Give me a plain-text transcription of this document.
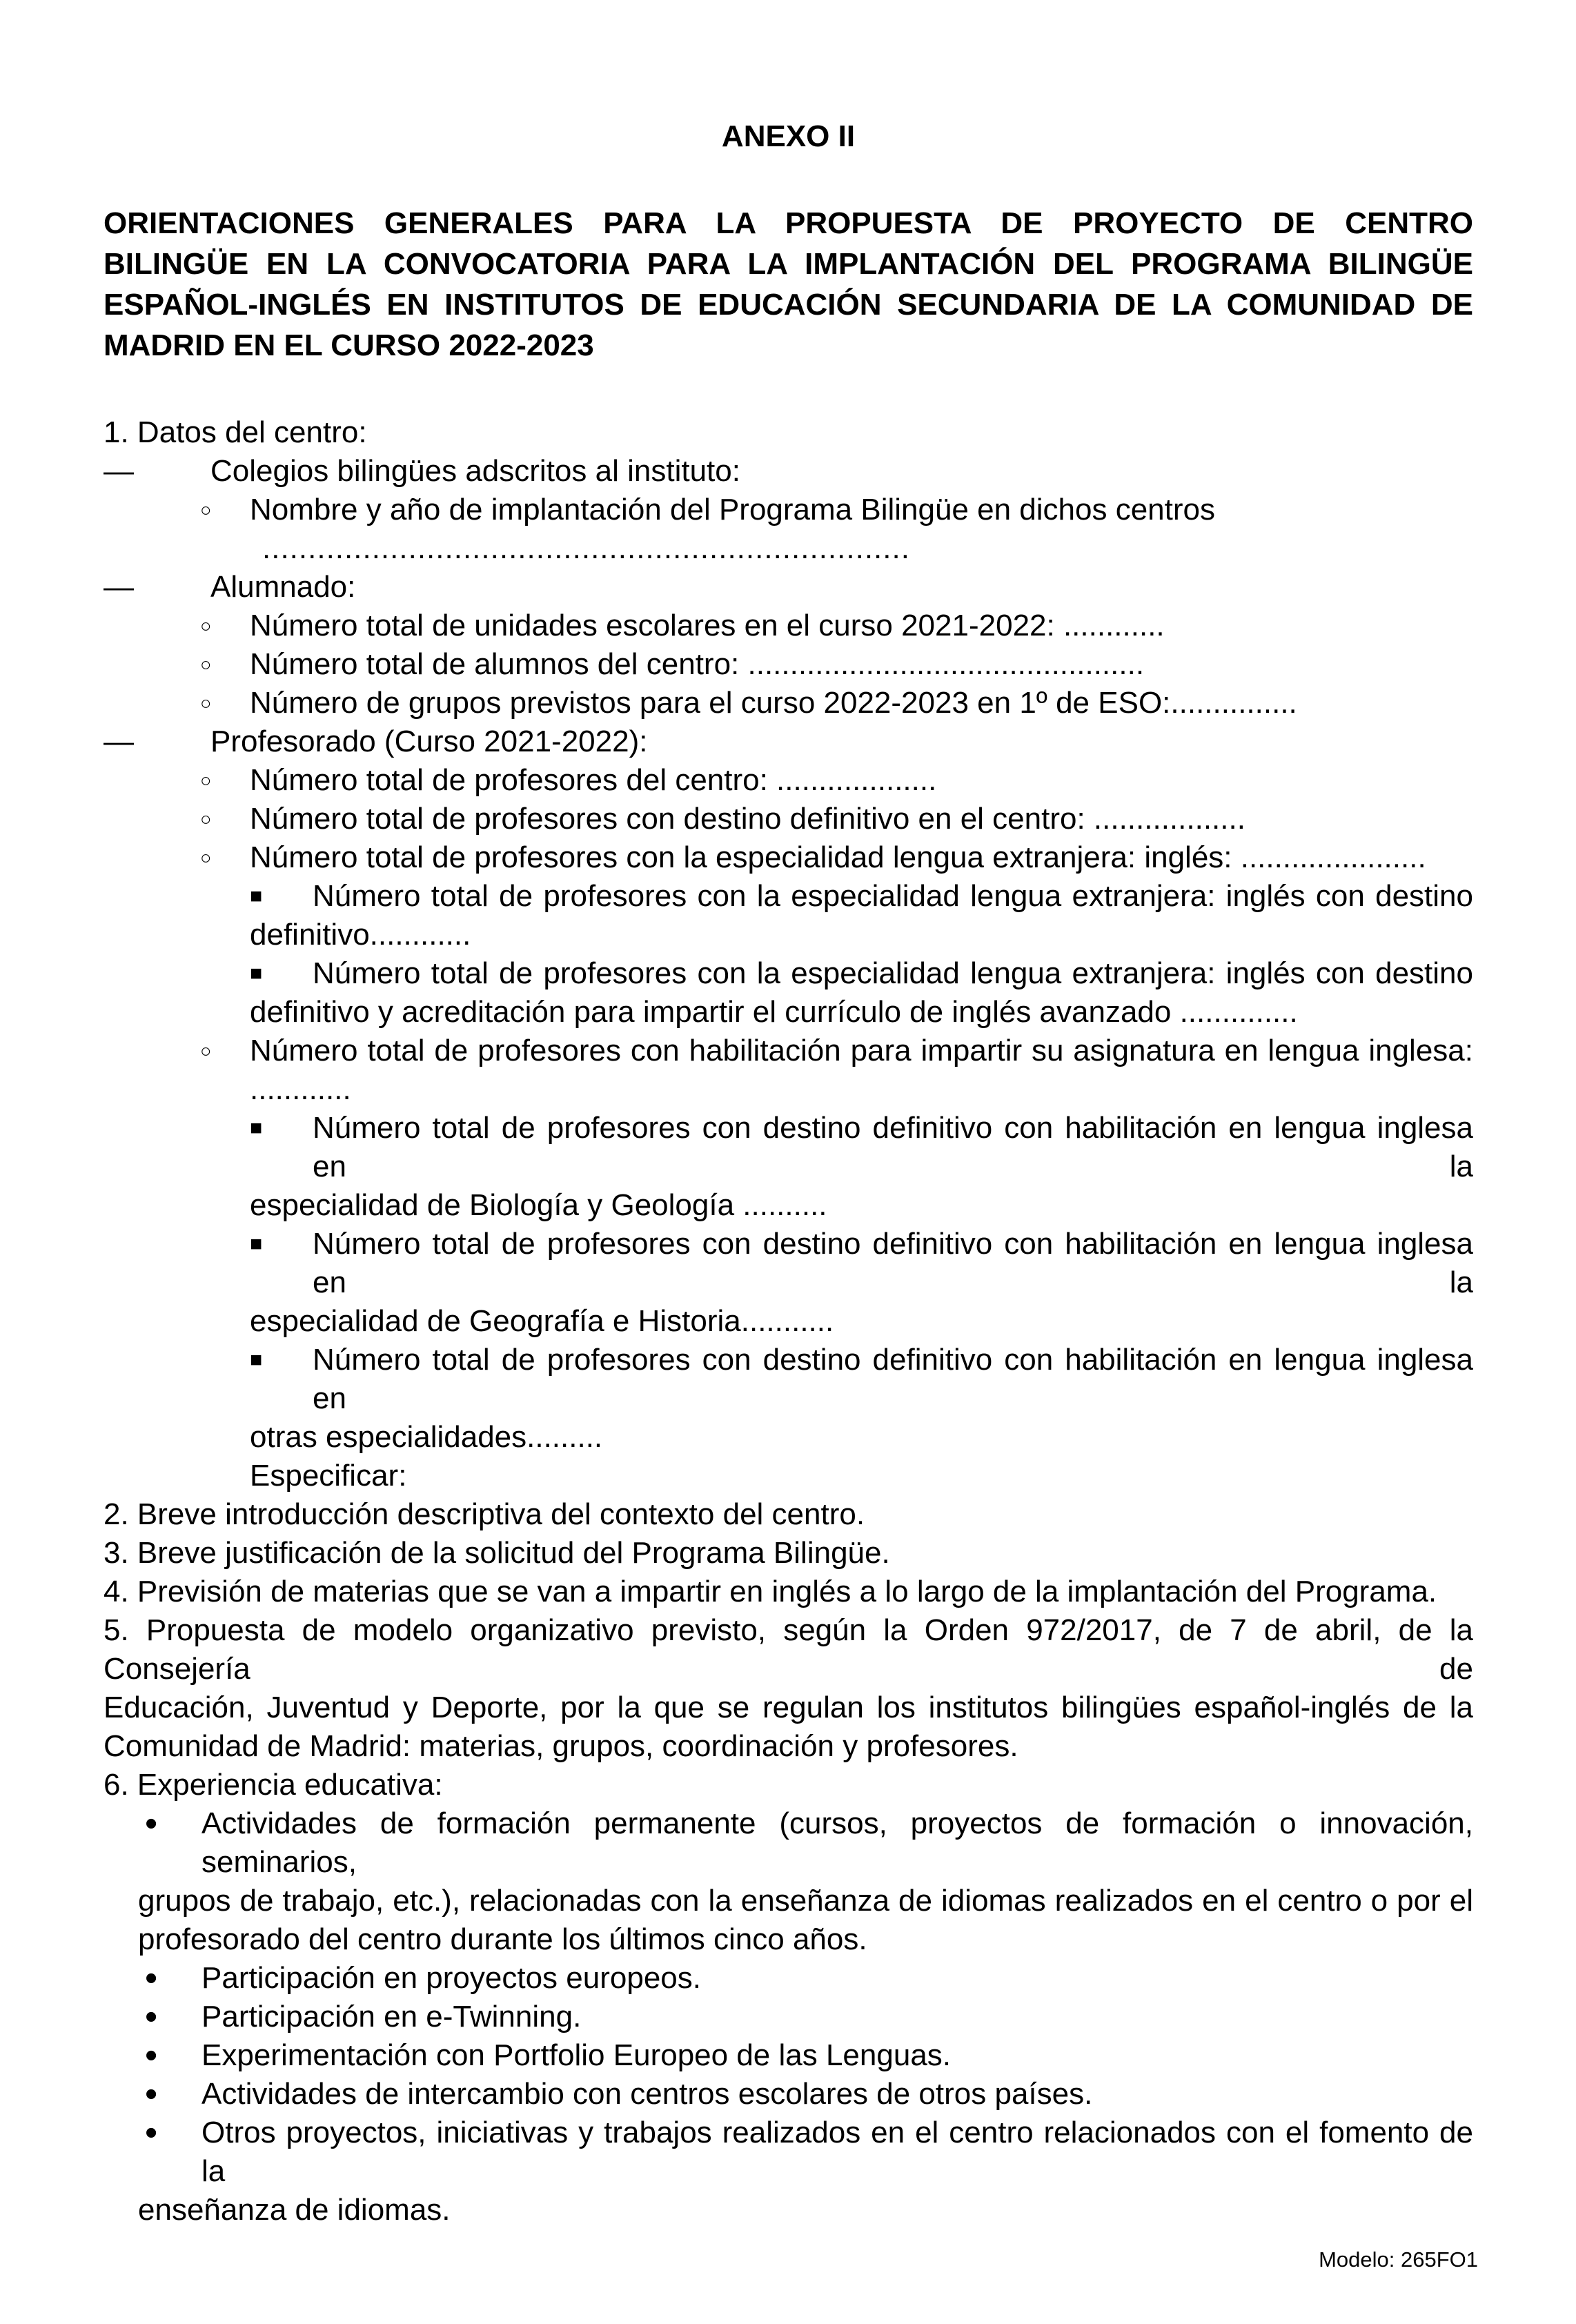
ANEXO II
ORIENTACIONES GENERALES PARA LA PROPUESTA DE PROYECTO DE CENTRO
BILINGÜE EN LA CONVOCATORIA PARA LA IMPLANTACIÓN DEL PROGRAMA BILINGÜE
ESPAÑOL-INGLÉS EN INSTITUTOS DE EDUCACIÓN SECUNDARIA DE LA COMUNIDAD DE
MADRID EN EL CURSO 2022-2023
1. Datos del centro:
—	Colegios bilingües adscritos al instituto:
○ Nombre y año de implantación del Programa Bilingüe en dichos centros
.......................................................................
—	Alumnado:
○ Número total de unidades escolares en el curso 2021-2022: ............
○ Número total de alumnos del centro: ...............................................
○ Número de grupos previstos para el curso 2022-2023 en 1º de ESO:...............
—	Profesorado (Curso 2021-2022):
○ Número total de profesores del centro: ...................
○ Número total de profesores con destino definitivo en el centro: ..................
○ Número total de profesores con la especialidad lengua extranjera: inglés: ......................
■ Número total de profesores con la especialidad lengua extranjera: inglés con destino
definitivo............
■ Número total de profesores con la especialidad lengua extranjera: inglés con destino
definitivo y acreditación para impartir el currículo de inglés avanzado ..............
○ Número total de profesores con habilitación para impartir su asignatura en lengua inglesa:
............
■ Número total de profesores con destino definitivo con habilitación en lengua inglesa en la
especialidad de Biología y Geología ..........
■ Número total de profesores con destino definitivo con habilitación en lengua inglesa en la
especialidad de Geografía e Historia...........
■ Número total de profesores con destino definitivo con habilitación en lengua inglesa en
otras especialidades.........
Especificar:
2. Breve introducción descriptiva del contexto del centro.
3. Breve justificación de la solicitud del Programa Bilingüe.
4. Previsión de materias que se van a impartir en inglés a lo largo de la implantación del Programa.
5. Propuesta de modelo organizativo previsto, según la Orden 972/2017, de 7 de abril, de la Consejería de
Educación, Juventud y Deporte, por la que se regulan los institutos bilingües español-inglés de la
Comunidad de Madrid: materias, grupos, coordinación y profesores.
6. Experiencia educativa:
• Actividades de formación permanente (cursos, proyectos de formación o innovación, seminarios,
grupos de trabajo, etc.), relacionadas con la enseñanza de idiomas realizados en el centro o por el
profesorado del centro durante los últimos cinco años.
• Participación en proyectos europeos.
• Participación en e-Twinning.
• Experimentación con Portfolio Europeo de las Lenguas.
• Actividades de intercambio con centros escolares de otros países.
• Otros proyectos, iniciativas y trabajos realizados en el centro relacionados con el fomento de la
enseñanza de idiomas.
Modelo: 265FO1
